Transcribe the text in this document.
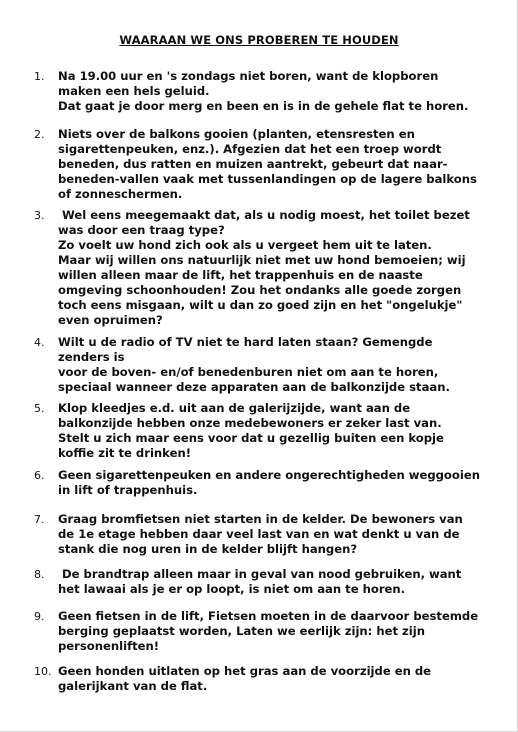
WAARAAN WE ONS PROBEREN TE HOUDEN
1. Na 19.00 uur en 's zondags niet boren, want de klopboren
maken een hels geluid.
Dat gaat je door merg en been en is in de gehele flat te horen.
2. Niets over de balkons gooien (planten, etensresten en
sigarettenpeuken, enz.). Afgezien dat het een troep wordt
beneden, dus ratten en muizen aantrekt, gebeurt dat naar-
beneden-vallen vaak met tussenlandingen op de lagere balkons
of zonneschermen.
3. Wel eens meegemaakt dat, als u nodig moest, het toilet bezet
was door een traag type?
Zo voelt uw hond zich ook als u vergeet hem uit te laten.
Maar wij willen ons natuurlijk niet met uw hond bemoeien; wij
willen alleen maar de lift, het trappenhuis en de naaste
omgeving schoonhouden! Zou het ondanks alle goede zorgen
toch eens misgaan, wilt u dan zo goed zijn en het "ongelukje"
even opruimen?
4. Wilt u de radio of TV niet te hard laten staan? Gemengde
zenders is
voor de boven- en/of benedenburen niet om aan te horen,
speciaal wanneer deze apparaten aan de balkonzijde staan.
5. Klop kleedjes e.d. uit aan de galerijzijde, want aan de
balkonzijde hebben onze medebewoners er zeker last van.
Stelt u zich maar eens voor dat u gezellig buiten een kopje
koffie zit te drinken!
6. Geen sigarettenpeuken en andere ongerechtigheden weggooien
in lift of trappenhuis.
7. Graag bromfietsen niet starten in de kelder. De bewoners van
de 1e etage hebben daar veel last van en wat denkt u van de
stank die nog uren in de kelder blijft hangen?
8. De brandtrap alleen maar in geval van nood gebruiken, want
het lawaai als je er op loopt, is niet om aan te horen.
9. Geen fietsen in de lift, Fietsen moeten in de daarvoor bestemde
berging geplaatst worden, Laten we eerlijk zijn: het zijn
personenliften!
10. Geen honden uitlaten op het gras aan de voorzijde en de
galerijkant van de flat.
